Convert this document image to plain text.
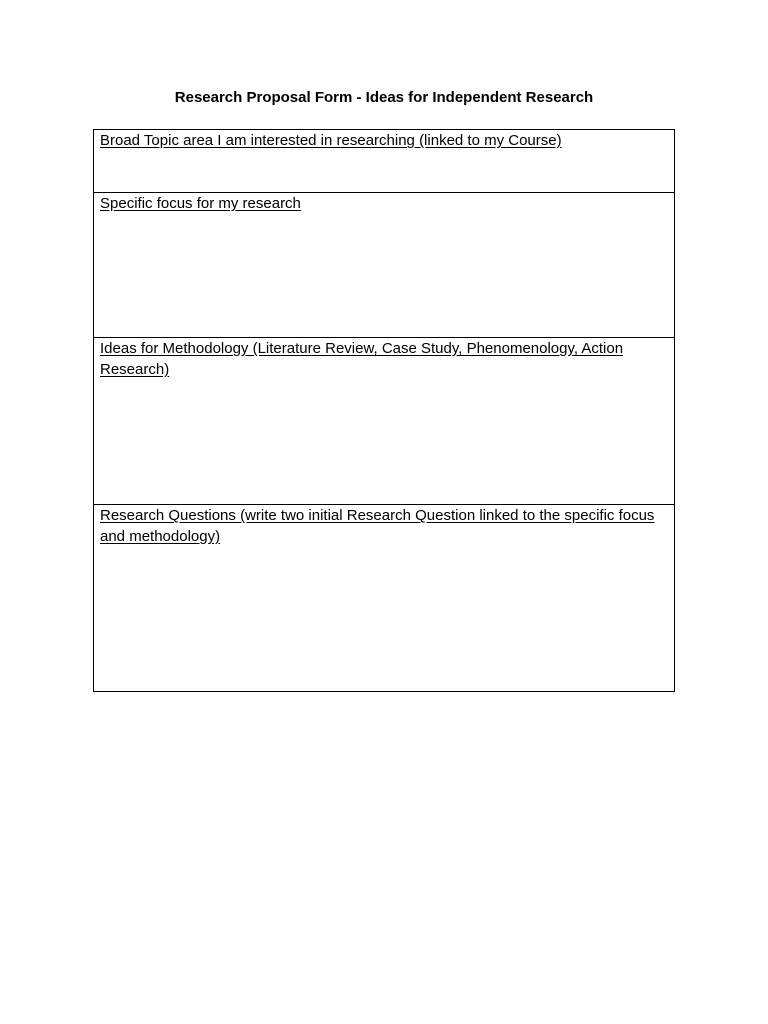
Research Proposal Form - Ideas for Independent Research
Broad Topic area I am interested in researching (linked to my Course)

Specific focus for my research

Ideas for Methodology (Literature Review, Case Study, Phenomenology, Action Research)

Research Questions (write two initial Research Question linked to the specific focus and methodology)
